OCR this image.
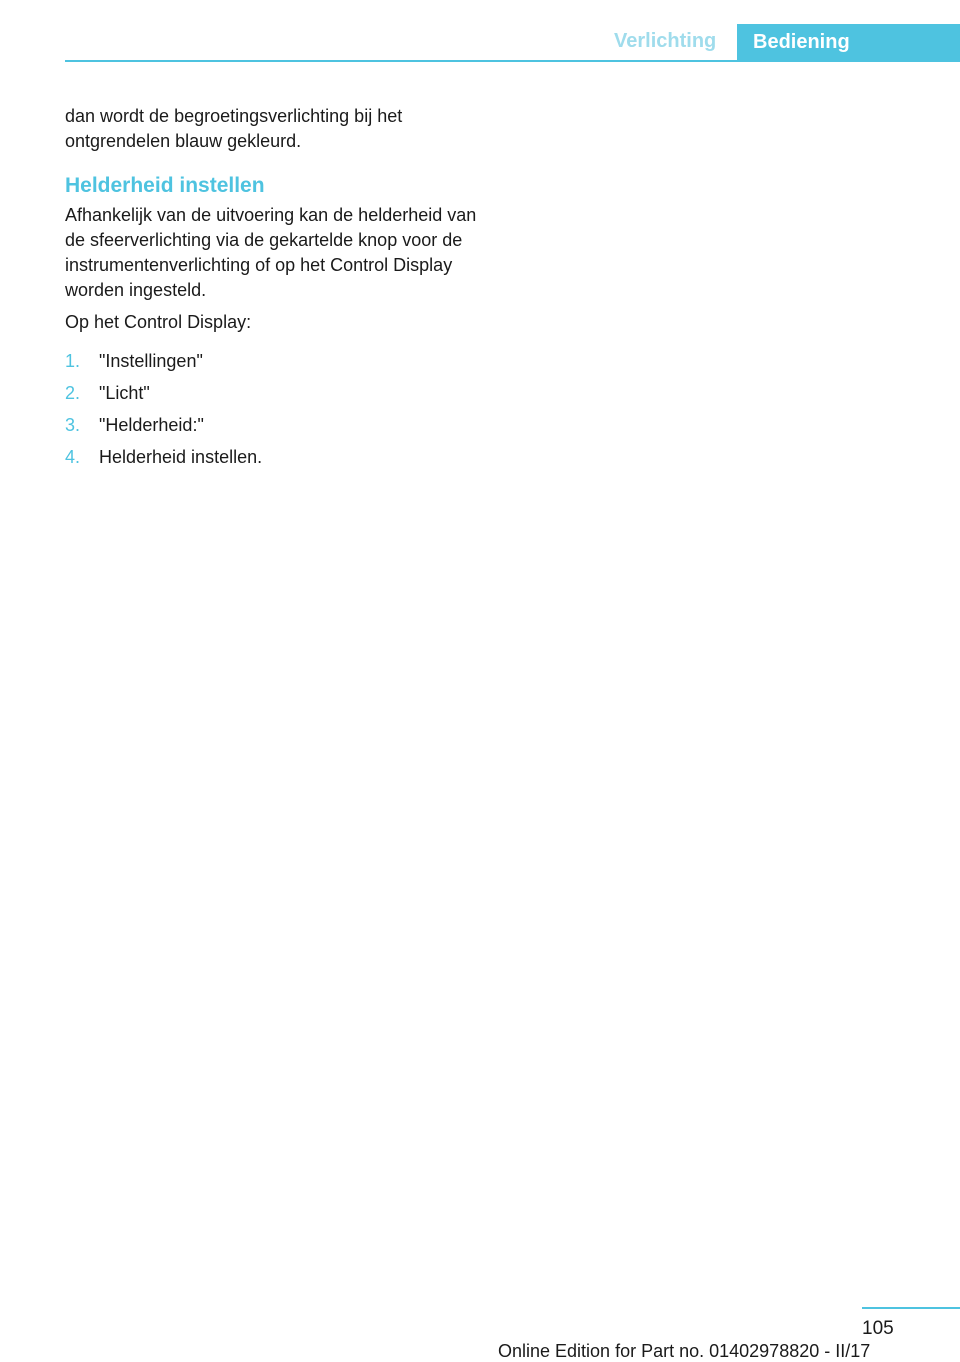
Verlichting	Bediening

dan wordt de begroetingsverlichting bij het ontgrendelen blauw gekleurd.

Helderheid instellen

Afhankelijk van de uitvoering kan de helderheid van de sfeerverlichting via de gekartelde knop voor de instrumentenverlichting of op het Control Display worden ingesteld.

Op het Control Display:

1.	"Instellingen"
2.	"Licht"
3.	"Helderheid:"
4.	Helderheid instellen.
105
Online Edition for Part no. 01402978820 - II/17
